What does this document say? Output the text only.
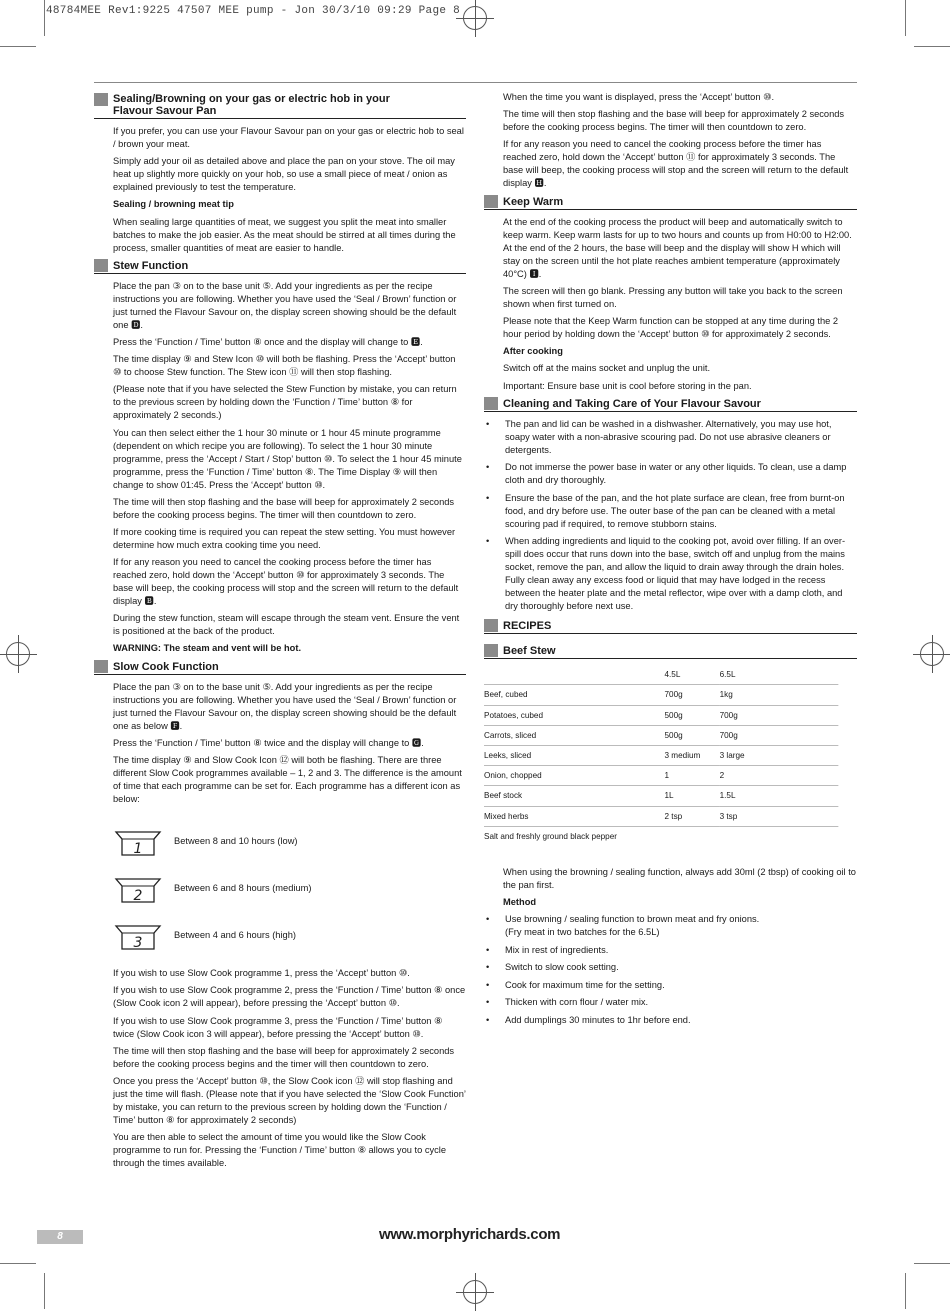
48784MEE Rev1:9225 47507 MEE pump - Jon 30/3/10 09:29 Page 8
Sealing/Browning on your gas or electric hob in your
Flavour Savour Pan

If you prefer, you can use your Flavour Savour pan on your gas or electric hob to seal / brown your meat.

Simply add your oil as detailed above and place the pan on your stove. The oil may heat up slightly more quickly on your hob, so use a small piece of meat / onion as explained previously to test the temperature.

Sealing / browning meat tip

When sealing large quantities of meat, we suggest you split the meat into smaller batches to make the job easier. As the meat should be stirred at all times during the process, smaller quantities of meat are easier to handle.

Stew Function

Place the pan ③ on to the base unit ⑤. Add your ingredients as per the recipe instructions you are following. Whether you have used the ‘Seal / Brown’ function or just turned the Flavour Savour on, the display screen showing should be the default one 🅳.

Press the ‘Function / Time’ button ⑧ once and the display will change to 🅴.

The time display ⑨ and Stew Icon ⑩ will both be flashing. Press the ‘Accept’ button ⑩ to choose Stew function. The Stew icon ⑪ will then stop flashing.

(Please note that if you have selected the Stew Function by mistake, you can return to the previous screen by holding down the ‘Function / Time’ button ⑧ for approximately 2 seconds.)

You can then select either the 1 hour 30 minute or 1 hour 45 minute programme (dependent on which recipe you are following). To select the 1 hour 30 minute programme, press the ‘Accept / Start / Stop’ button ⑩. To select the 1 hour 45 minute programme, press the ‘Function / Time’ button ⑧. The Time Display ⑨ will then change to show 01:45. Press the ‘Accept’ button ⑩.

The time will then stop flashing and the base will beep for approximately 2 seconds before the cooking process begins. The timer will then countdown to zero.

If more cooking time is required you can repeat the stew setting. You must however determine how much extra cooking time you need.

If for any reason you need to cancel the cooking process before the timer has reached zero, hold down the ‘Accept’ button ⑩ for approximately 3 seconds. The base will beep, the cooking process will stop and the screen will return to the default display 🅱.

During the stew function, steam will escape through the steam vent. Ensure the vent is positioned at the back of the product.

WARNING: The steam and vent will be hot.

Slow Cook Function

Place the pan ③ on to the base unit ⑤. Add your ingredients as per the recipe instructions you are following. Whether you have used the ‘Seal / Brown’ function or just turned the Flavour Savour on, the display screen showing should be the default one as below 🅵.

Press the ‘Function / Time’ button ⑧ twice and the display will change to 🅶.

The time display ⑨ and Slow Cook Icon ⑫ will both be flashing. There are three different Slow Cook programmes available – 1, 2 and 3. The difference is the amount of time that each programme can be set for. Each programme has a different icon as below:

1	Between 8 and 10 hours (low)
2	Between 6 and 8 hours (medium)
3	Between 4 and 6 hours (high)

If you wish to use Slow Cook programme 1, press the ‘Accept’ button ⑩.

If you wish to use Slow Cook programme 2, press the ‘Function / Time’ button ⑧ once (Slow Cook icon 2 will appear), before pressing the ‘Accept’ button ⑩.

If you wish to use Slow Cook programme 3, press the ‘Function / Time’ button ⑧ twice (Slow Cook icon 3 will appear), before pressing the ‘Accept’ button ⑩.

The time will then stop flashing and the base will beep for approximately 2 seconds before the cooking process begins and the timer will then countdown to zero.

Once you press the ‘Accept’ button ⑩, the Slow Cook icon ⑫ will stop flashing and just the time will flash. (Please note that if you have selected the ‘Slow Cook Function’ by mistake, you can return to the previous screen by holding down the ‘Function / Time’ button ⑧ for approximately 2 seconds)

You are then able to select the amount of time you would like the Slow Cook programme to run for. Pressing the ‘Function / Time’ button ⑧ allows you to cycle through the times available.

When the time you want is displayed, press the ‘Accept’ button ⑩.

The time will then stop flashing and the base will beep for approximately 2 seconds before the cooking process begins. The timer will then countdown to zero.

If for any reason you need to cancel the cooking process before the timer has reached zero, hold down the ‘Accept’ button ⑪ for approximately 3 seconds. The base will beep, the cooking process will stop and the screen will return to the default display 🅷.

Keep Warm

At the end of the cooking process the product will beep and automatically switch to keep warm. Keep warm lasts for up to two hours and counts up from H0:00 to H2:00. At the end of the 2 hours, the base will beep and the display will show H which will stay on the screen until the hot plate reaches ambient temperature (approximately 40°C) 🅸.

The screen will then go blank. Pressing any button will take you back to the screen shown when first turned on.

Please note that the Keep Warm function can be stopped at any time during the 2 hour period by holding down the ‘Accept’ button ⑩ for approximately 2 seconds.

After cooking

Switch off at the mains socket and unplug the unit.

Important: Ensure base unit is cool before storing in the pan.

Cleaning and Taking Care of Your Flavour Savour
•	The pan and lid can be washed in a dishwasher. Alternatively, you may use hot, soapy water with a non-abrasive scouring pad. Do not use abrasive cleaners or detergents.
•	Do not immerse the power base in water or any other liquids. To clean, use a damp cloth and dry thoroughly.
•	Ensure the base of the pan, and the hot plate surface are clean, free from burnt-on food, and dry before use. The outer base of the pan can be cleaned with a metal scouring pad if required, to remove stubborn stains.
•	When adding ingredients and liquid to the cooking pot, avoid over filling. If an over-spill does occur that runs down into the base, switch off and unplug from the mains socket, remove the pan, and allow the liquid to drain away through the drain holes. Fully clean away any excess food or liquid that may have lodged in the recess between the heater plate and the metal reflector, wipe over with a damp cloth, and dry thoroughly before next use.
RECIPES
Beef Stew
	4.5L	6.5L
Beef, cubed	700g	1kg
Potatoes, cubed	500g	700g
Carrots, sliced	500g	700g
Leeks, sliced	3 medium	3 large
Onion, chopped	1	2
Beef stock	1L	1.5L
Mixed herbs	2 tsp	3 tsp
Salt and freshly ground black pepper		

When using the browning / sealing function, always add 30ml (2 tbsp) of cooking oil to the pan first.

Method

•	Use browning / sealing function to brown meat and fry onions.
(Fry meat in two batches for the 6.5L)
•	Mix in rest of ingredients.
•	Switch to slow cook setting.
•	Cook for maximum time for the setting.
•	Thicken with corn flour / water mix.
•	Add dumplings 30 minutes to 1hr before end.
8	www.morphyrichards.com
